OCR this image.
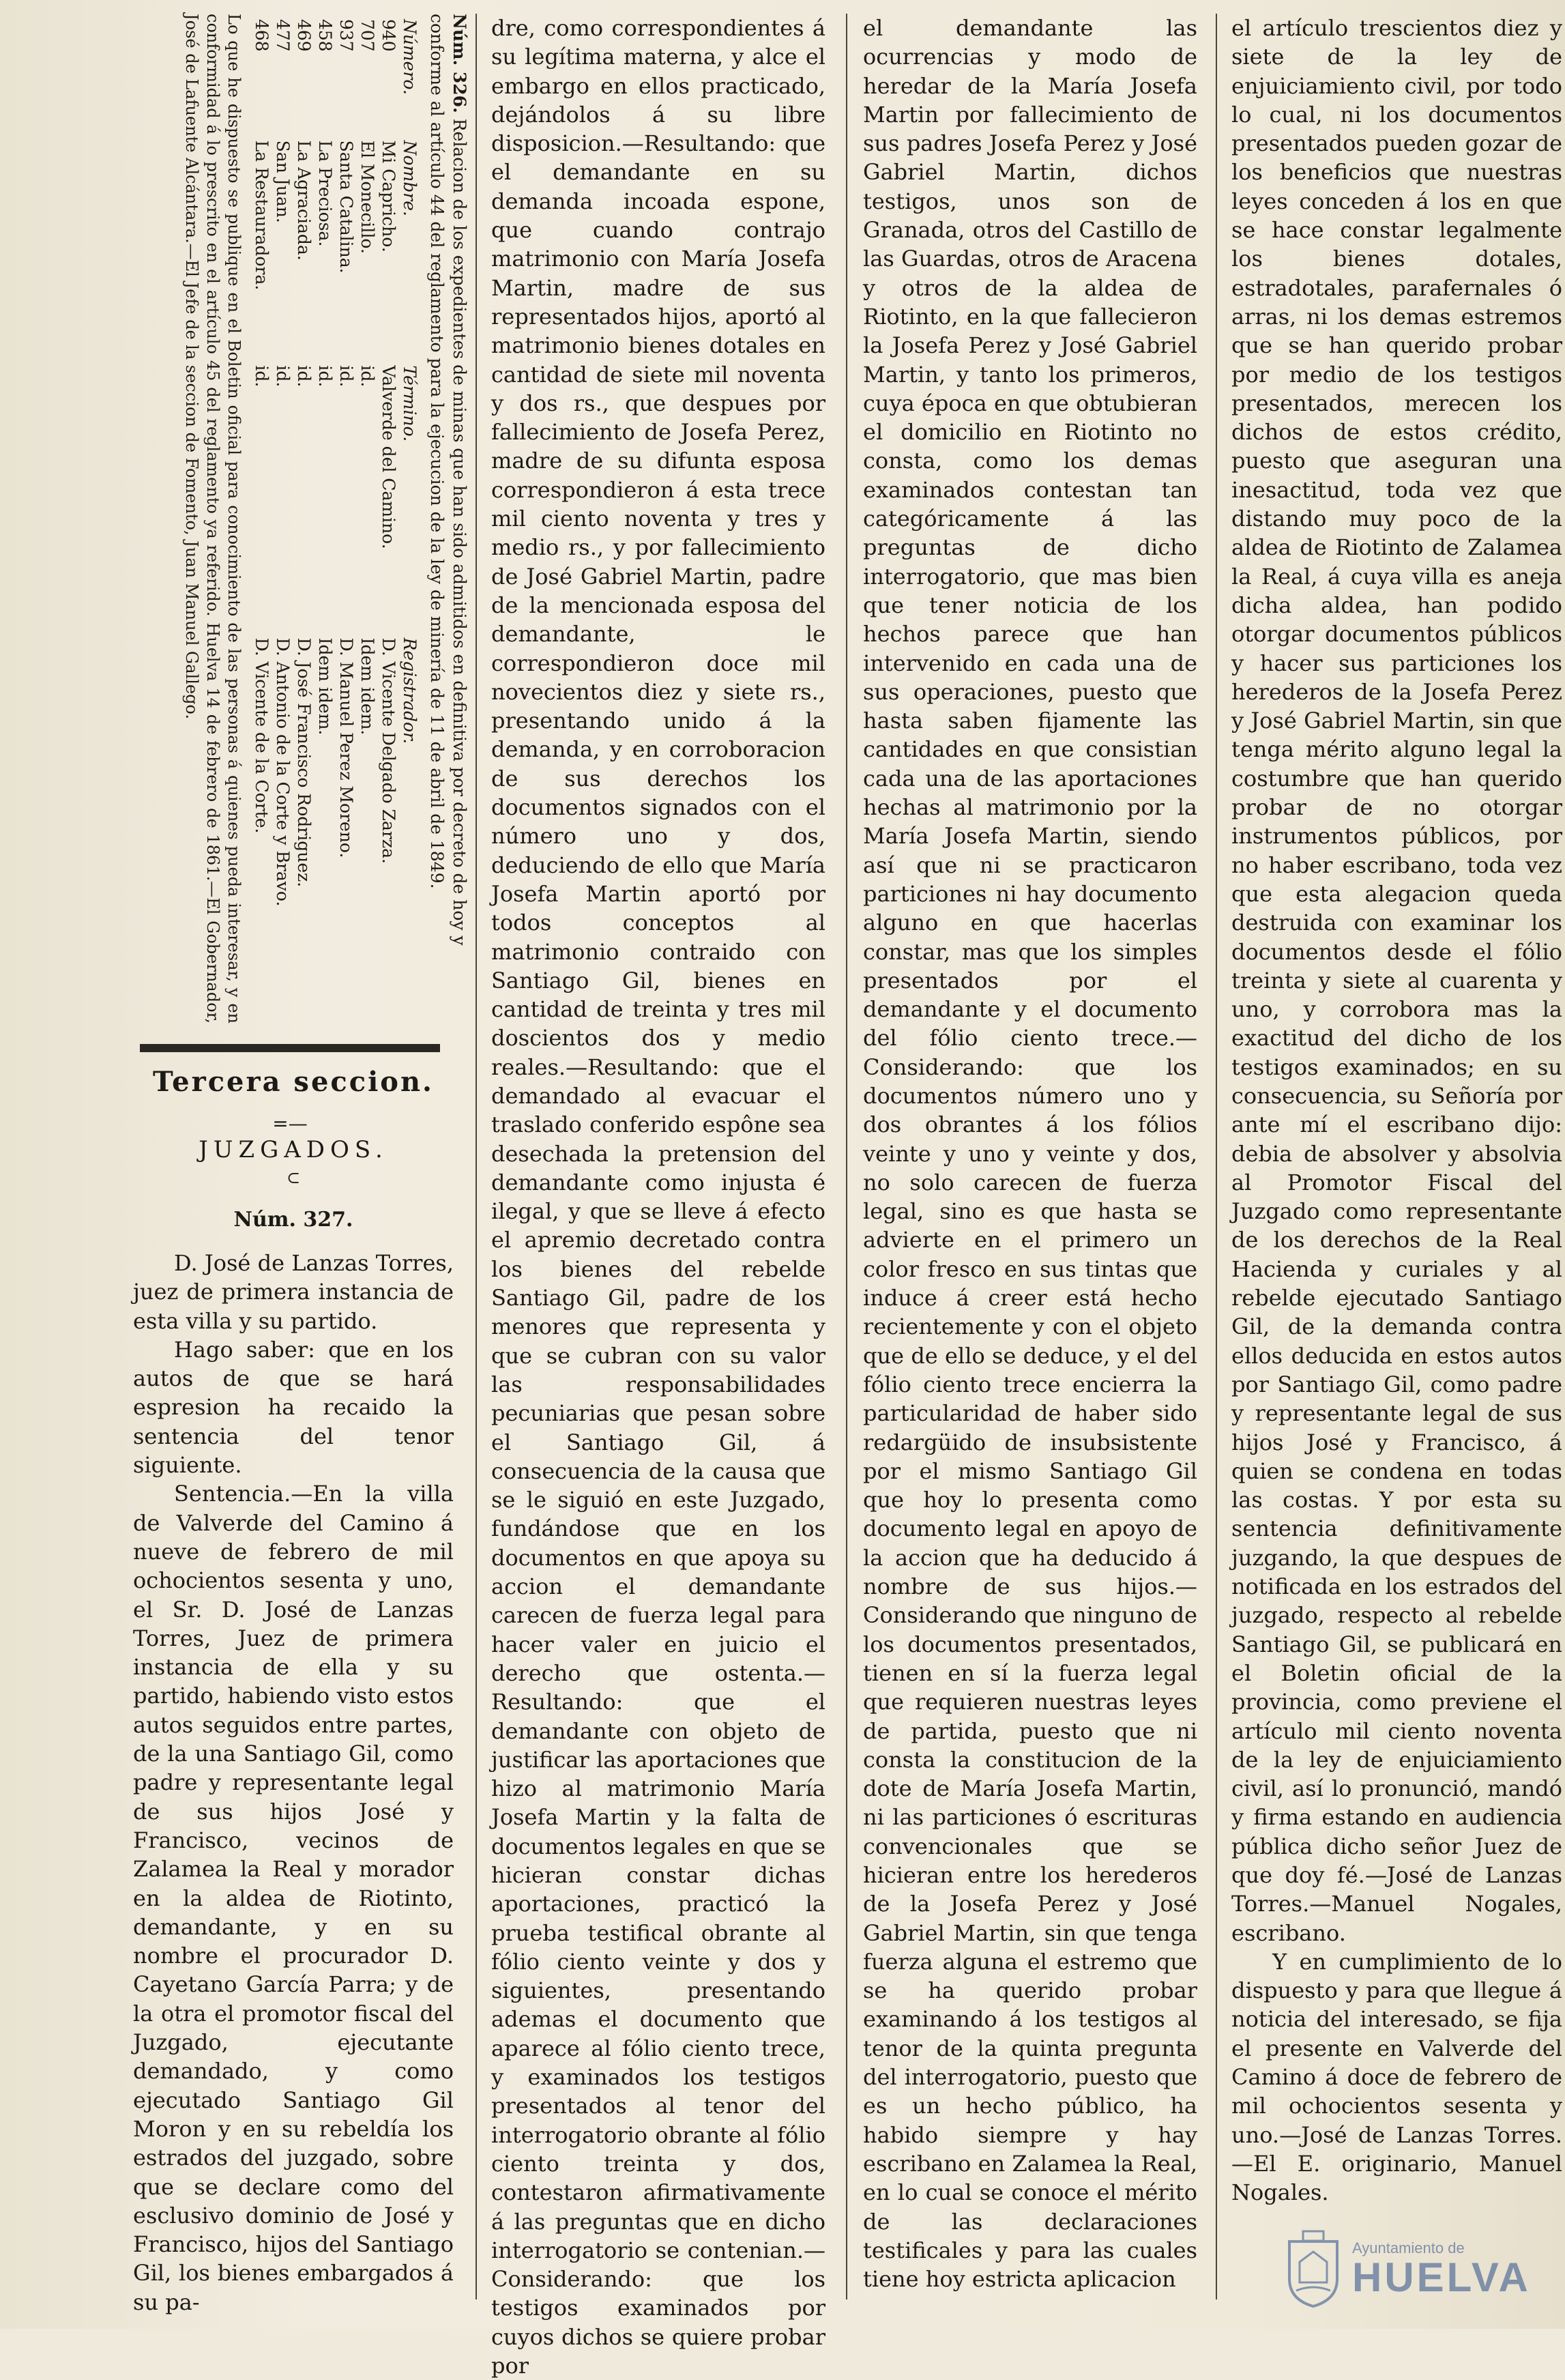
Núm. 326. Relacion de los expedientes de minas que han sido admitidos en definitiva por decreto de hoy y conforme al artículo 44 del reglamento para la ejecucion de la ley de minería de 11 de abril de 1849.
Número.	Nombre.	Término.	Registrador.
940	Mi Capricho.	Valverde del Camino.	D. Vicente Delgado Zarza.
707	El Monecillo.	id.	Idem idem.
937	Santa Catalina.	id.	D. Manuel Perez Moreno.
458	La Preciosa.	id.	Idem idem.
469	La Agraciada.	id.	D. José Francisco Rodriguez.
477	San Juan.	id.	D. Antonio de la Corte y Bravo.
468	La Restauradora.	id.	D. Vicente de la Corte.
Lo que he dispuesto se publique en el Boletin oficial para conocimiento de las personas á quienes pueda interesar, y en conformidad á lo prescrito en el artículo 45 del reglamento ya referido. Huelva 14 de febrero de 1861.—El Gobernador, José de Lafuente Alcántara.—El Jefe de la seccion de Fomento, Juan Manuel Gallego.
Tercera seccion.
=—
JUZGADOS.
⊂
Núm. 327.

D. José de Lanzas Torres, juez de primera instancia de esta villa y su partido.

Hago saber: que en los autos de que se hará espresion ha recaido la sentencia del tenor siguiente.

Sentencia.—En la villa de Valverde del Camino á nueve de febrero de mil ochocientos sesenta y uno, el Sr. D. José de Lanzas Torres, Juez de primera instancia de ella y su partido, habiendo visto estos autos seguidos entre partes, de la una Santiago Gil, como padre y representante legal de sus hijos José y Francisco, vecinos de Zalamea la Real y morador en la aldea de Riotinto, demandante, y en su nombre el procurador D. Cayetano García Parra; y de la otra el promotor fiscal del Juzgado, ejecutante demandado, y como ejecutado Santiago Gil Moron y en su rebeldía los estrados del juzgado, sobre que se declare como del esclusivo dominio de José y Francisco, hijos del Santiago Gil, los bienes embargados á su pa-

dre, como correspondientes á su legítima materna, y alce el embargo en ellos practicado, dejándolos á su libre disposicion.—Resultando: que el demandante en su demanda incoada espone, que cuando contrajo matrimonio con María Josefa Martin, madre de sus representados hijos, aportó al matrimonio bienes dotales en cantidad de siete mil noventa y dos rs., que despues por fallecimiento de Josefa Perez, madre de su difunta esposa correspondieron á esta trece mil ciento noventa y tres y medio rs., y por fallecimiento de José Gabriel Martin, padre de la mencionada esposa del demandante, le correspondieron doce mil novecientos diez y siete rs., presentando unido á la demanda, y en corroboracion de sus derechos los documentos signados con el número uno y dos, deduciendo de ello que María Josefa Martin aportó por todos conceptos al matrimonio contraido con Santiago Gil, bienes en cantidad de treinta y tres mil doscientos dos y medio reales.—Resultando: que el demandado al evacuar el traslado conferido espône sea desechada la pretension del demandante como injusta é ilegal, y que se lleve á efecto el apremio decretado contra los bienes del rebelde Santiago Gil, padre de los menores que representa y que se cubran con su valor las responsabilidades pecuniarias que pesan sobre el Santiago Gil, á consecuencia de la causa que se le siguió en este Juzgado, fundándose que en los documentos en que apoya su accion el demandante carecen de fuerza legal para hacer valer en juicio el derecho que ostenta.—Resultando: que el demandante con objeto de justificar las aportaciones que hizo al matrimonio María Josefa Martin y la falta de documentos legales en que se hicieran constar dichas aportaciones, practicó la prueba testifical obrante al fólio ciento veinte y dos y siguientes, presentando ademas el documento que aparece al fólio ciento trece, y examinados los testigos presentados al tenor del interrogatorio obrante al fólio ciento treinta y dos, contestaron afirmativamente á las preguntas que en dicho interrogatorio se contenian.—Considerando: que los testigos examinados por cuyos dichos se quiere probar por

el demandante las ocurrencias y modo de heredar de la María Josefa Martin por fallecimiento de sus padres Josefa Perez y José Gabriel Martin, dichos testigos, unos son de Granada, otros del Castillo de las Guardas, otros de Aracena y otros de la aldea de Riotinto, en la que fallecieron la Josefa Perez y José Gabriel Martin, y tanto los primeros, cuya época en que obtubieran el domicilio en Riotinto no consta, como los demas examinados contestan tan categóricamente á las preguntas de dicho interrogatorio, que mas bien que tener noticia de los hechos parece que han intervenido en cada una de sus operaciones, puesto que hasta saben fijamente las cantidades en que consistian cada una de las aportaciones hechas al matrimonio por la María Josefa Martin, siendo así que ni se practicaron particiones ni hay documento alguno en que hacerlas constar, mas que los simples presentados por el demandante y el documento del fólio ciento trece.—Considerando: que los documentos número uno y dos obrantes á los fólios veinte y uno y veinte y dos, no solo carecen de fuerza legal, sino es que hasta se advierte en el primero un color fresco en sus tintas que induce á creer está hecho recientemente y con el objeto que de ello se deduce, y el del fólio ciento trece encierra la particularidad de haber sido redargüido de insubsistente por el mismo Santiago Gil que hoy lo presenta como documento legal en apoyo de la accion que ha deducido á nombre de sus hijos.—Considerando que ninguno de los documentos presentados, tienen en sí la fuerza legal que requieren nuestras leyes de partida, puesto que ni consta la constitucion de la dote de María Josefa Martin, ni las particiones ó escrituras convencionales que se hicieran entre los herederos de la Josefa Perez y José Gabriel Martin, sin que tenga fuerza alguna el estremo que se ha querido probar examinando á los testigos al tenor de la quinta pregunta del interrogatorio, puesto que es un hecho público, ha habido siempre y hay escribano en Zalamea la Real, en lo cual se conoce el mérito de las declaraciones testificales y para las cuales tiene hoy estricta aplicacion

el artículo trescientos diez y siete de la ley de enjuiciamiento civil, por todo lo cual, ni los documentos presentados pueden gozar de los beneficios que nuestras leyes conceden á los en que se hace constar legalmente los bienes dotales, estradotales, parafernales ó arras, ni los demas estremos que se han querido probar por medio de los testigos presentados, merecen los dichos de estos crédito, puesto que aseguran una inesactitud, toda vez que distando muy poco de la aldea de Riotinto de Zalamea la Real, á cuya villa es aneja dicha aldea, han podido otorgar documentos públicos y hacer sus particiones los herederos de la Josefa Perez y José Gabriel Martin, sin que tenga mérito alguno legal la costumbre que han querido probar de no otorgar instrumentos públicos, por no haber escribano, toda vez que esta alegacion queda destruida con examinar los documentos desde el fólio treinta y siete al cuarenta y uno, y corrobora mas la exactitud del dicho de los testigos examinados; en su consecuencia, su Señoría por ante mí el escribano dijo: debia de absolver y absolvia al Promotor Fiscal del Juzgado como representante de los derechos de la Real Hacienda y curiales y al rebelde ejecutado Santiago Gil, de la demanda contra ellos deducida en estos autos por Santiago Gil, como padre y representante legal de sus hijos José y Francisco, á quien se condena en todas las costas. Y por esta su sentencia definitivamente juzgando, la que despues de notificada en los estrados del juzgado, respecto al rebelde Santiago Gil, se publicará en el Boletin oficial de la provincia, como previene el artículo mil ciento noventa de la ley de enjuiciamiento civil, así lo pronunció, mandó y firma estando en audiencia pública dicho señor Juez de que doy fé.—José de Lanzas Torres.—Manuel Nogales, escribano.

Y en cumplimiento de lo dispuesto y para que llegue á noticia del interesado, se fija el presente en Valverde del Camino á doce de febrero de mil ochocientos sesenta y uno.—José de Lanzas Torres.—El E. originario, Manuel Nogales.

Ayuntamiento de
HUELVA
